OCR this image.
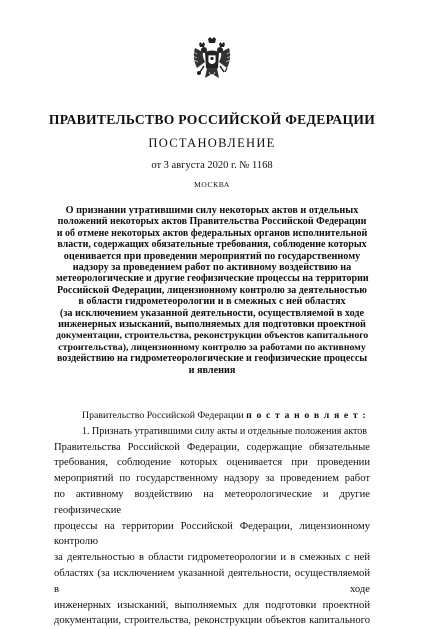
ПРАВИТЕЛЬСТВО РОССИЙСКОЙ ФЕДЕРАЦИИ
ПОСТАНОВЛЕНИЕ
от 3 августа 2020 г. № 1168
МОСКВА
О признании утратившими силу некоторых актов и отдельных
положений некоторых актов Правительства Российской Федерации
и об отмене некоторых актов федеральных органов исполнительной
власти, содержащих обязательные требования, соблюдение которых
оценивается при проведении мероприятий по государственному
надзору за проведением работ по активному воздействию на
метеорологические и другие геофизические процессы на территории
Российской Федерации, лицензионному контролю за деятельностью
в области гидрометеорологии и в смежных с ней областях
(за исключением указанной деятельности, осуществляемой в ходе
инженерных изысканий, выполняемых для подготовки проектной
документации, строительства, реконструкции объектов капитального
строительства), лицензионному контролю за работами по активному
воздействию на гидрометеорологические и геофизические процессы
и явления
Правительство Российской Федерации п о с т а н о в л я е т :
1. Признать утратившими силу акты и отдельные положения актов
Правительства Российской Федерации, содержащие обязательные
требования, соблюдение которых оценивается при проведении
мероприятий по государственному надзору за проведением работ
по активному воздействию на метеорологические и другие геофизические
процессы на территории Российской Федерации, лицензионному контролю
за деятельностью в области гидрометеорологии и в смежных с ней
областях (за исключением указанной деятельности, осуществляемой в ходе
инженерных изысканий, выполняемых для подготовки проектной
документации, строительства, реконструкции объектов капитального
